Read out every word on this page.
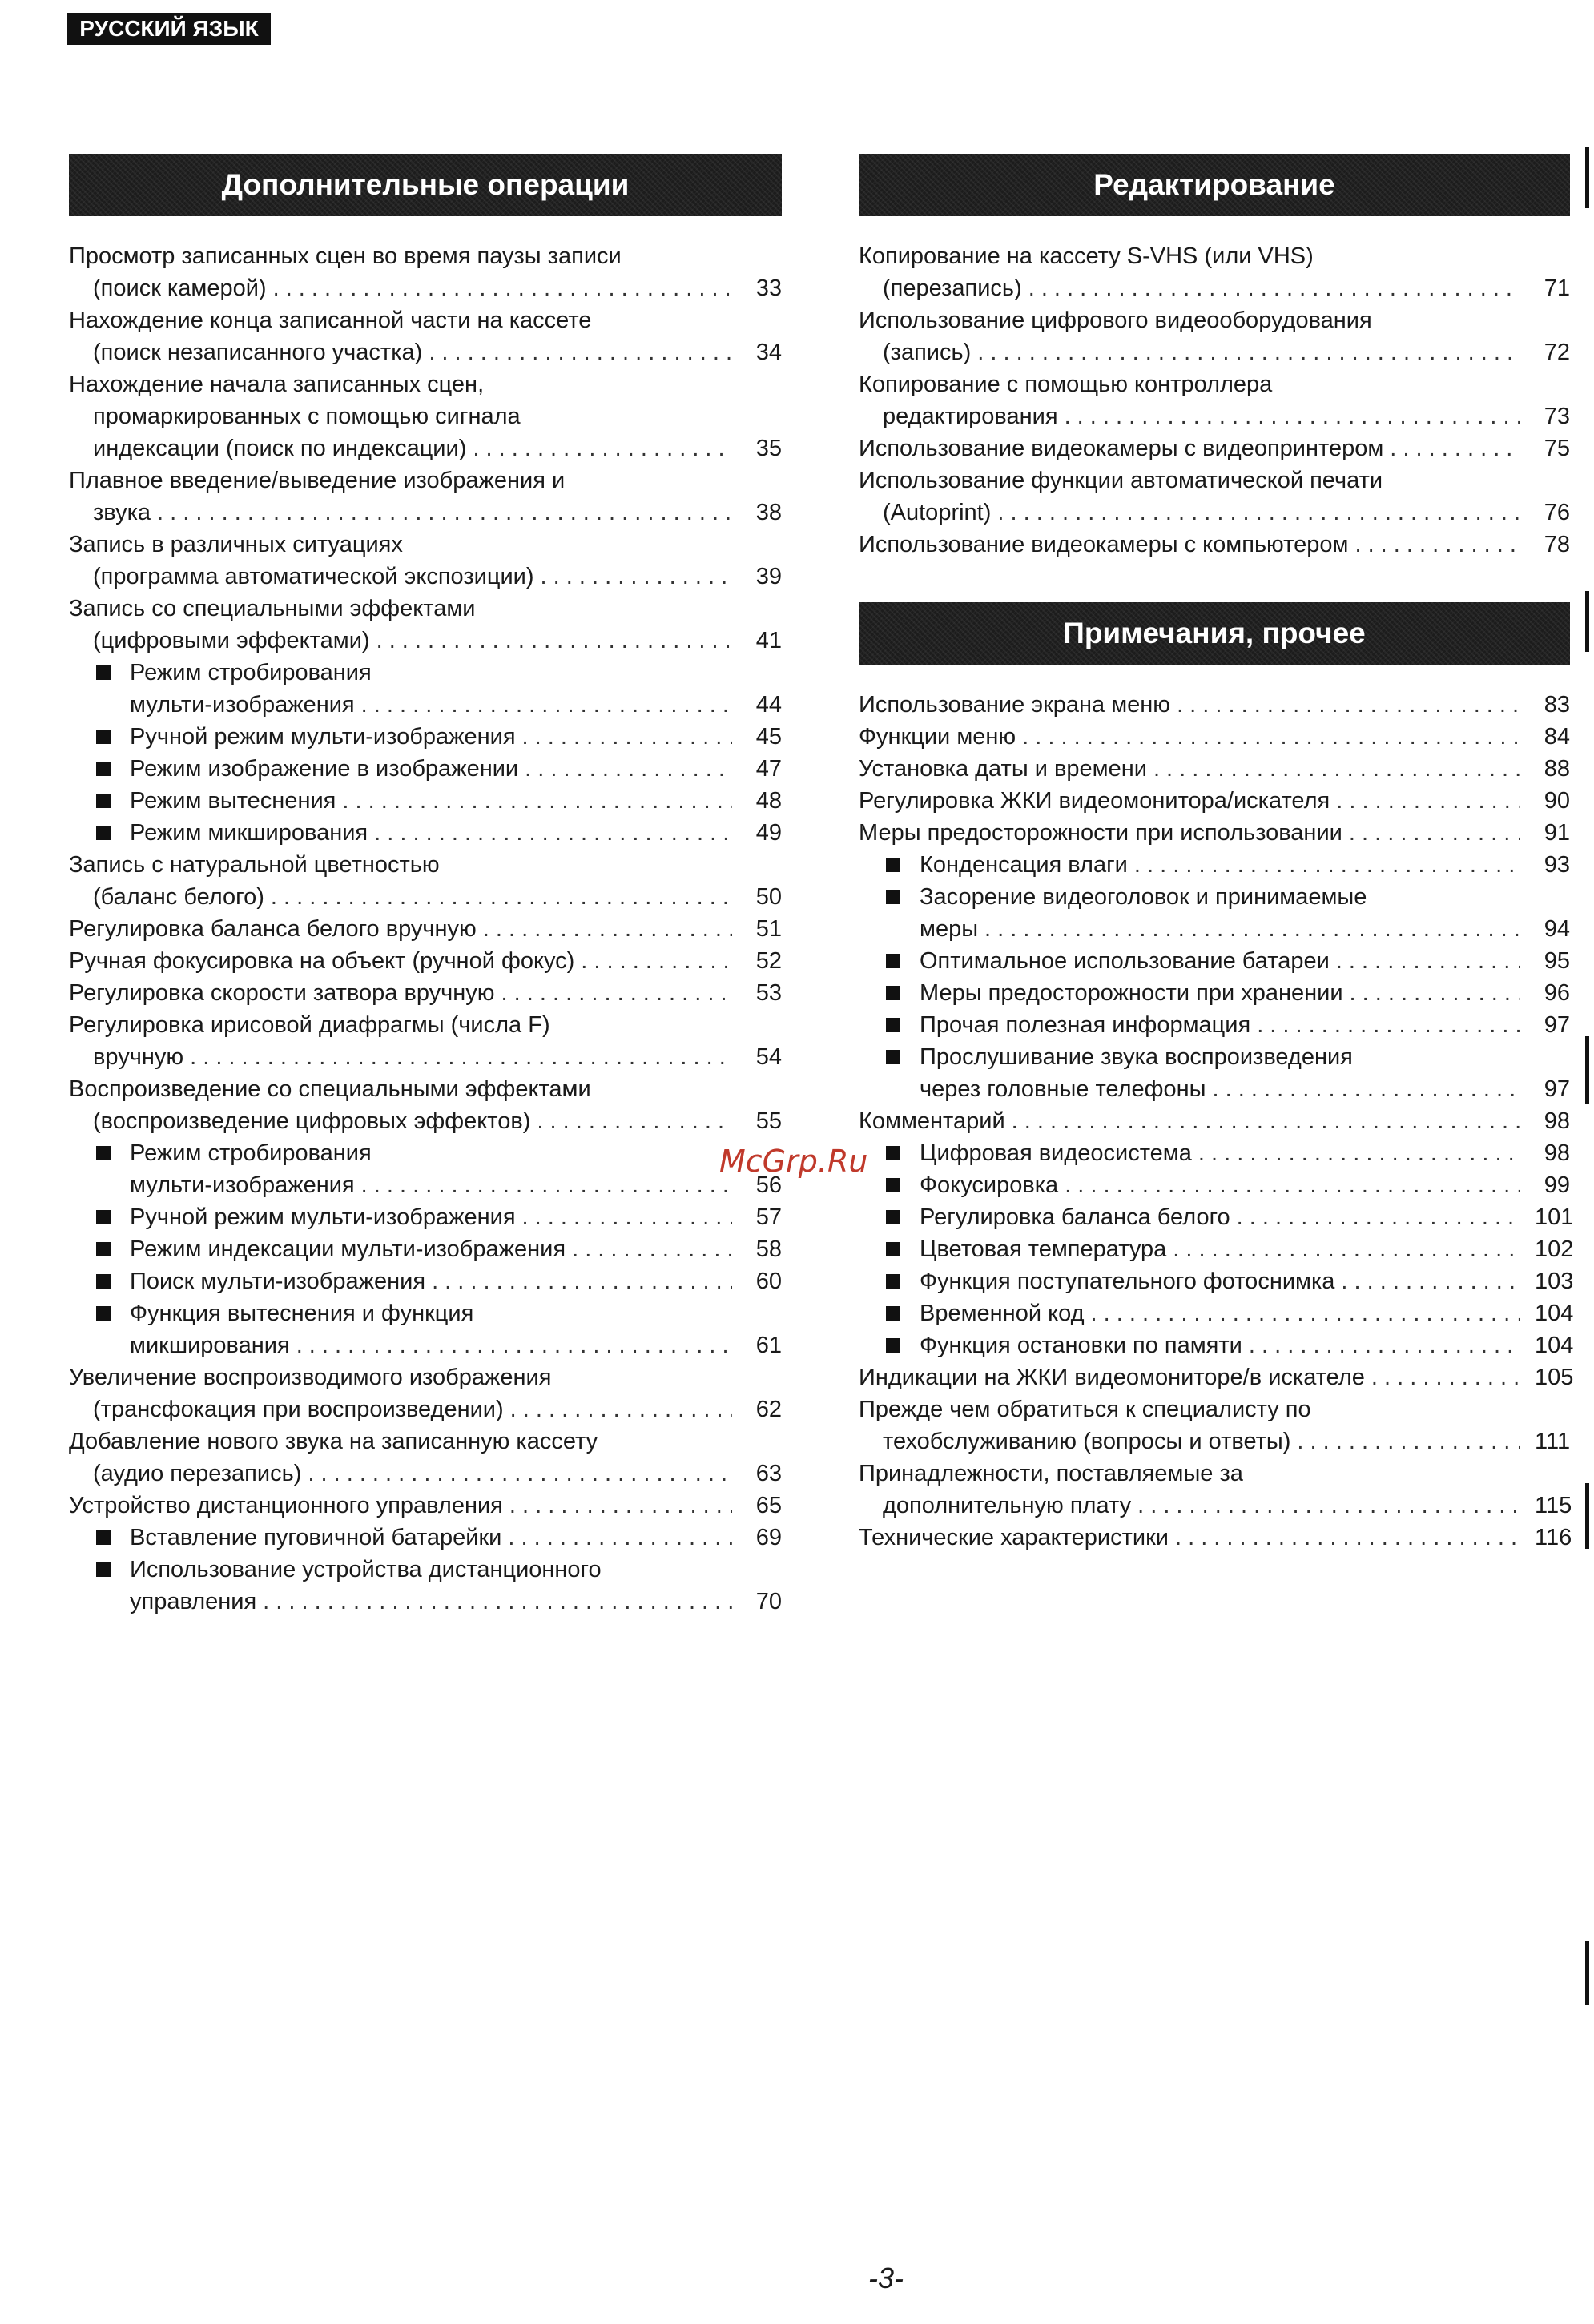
РУССКИЙ ЯЗЫК
Дополнительные операции
Просмотр записанных сцен во время паузы записи
(поиск камерой) . . .	33
Нахождение конца записанной части на кассете
(поиск незаписанного участка) . . .	34
Нахождение начала записанных сцен,
промаркированных с помощью сигнала
индексации (поиск по индексации) . . .	35
Плавное введение/выведение изображения и
звука . . .	38
Запись в различных ситуациях
(программа автоматической экспозиции) . . .	39
Запись со специальными эффектами
(цифровыми эффектами) . . .	41
Режим стробирования
мульти-изображения . . .	44
Ручной режим мульти-изображения . . .	45
Режим изображение в изображении . . .	47
Режим вытеснения . . .	48
Режим микширования . . .	49
Запись с натуральной цветностью
(баланс белого) . . .	50
Регулировка баланса белого вручную . . .	51
Ручная фокусировка на объект (ручной фокус) . . .	52
Регулировка скорости затвора вручную . . .	53
Регулировка ирисовой диафрагмы (числа F)
вручную . . .	54
Воспроизведение со специальными эффектами
(воспроизведение цифровых эффектов) . . .	55
Режим стробирования
мульти-изображения . . .	56
Ручной режим мульти-изображения . . .	57
Режим индексации мульти-изображения . . .	58
Поиск мульти-изображения . . .	60
Функция вытеснения и функция
микширования . . .	61
Увеличение воспроизводимого изображения
(трансфокация при воспроизведении) . . .	62
Добавление нового звука на записанную кассету
(аудио перезапись) . . .	63
Устройство дистанционного управления . . .	65
Вставление пуговичной батарейки . . .	69
Использование устройства дистанционного
управления . . .	70
Редактирование
Копирование на кассету S-VHS (или VHS)
(перезапись) . . .	71
Использование цифрового видеооборудования
(запись) . . .	72
Копирование с помощью контроллера
редактирования . . .	73
Использование видеокамеры с видеопринтером . . .	75
Использование функции автоматической печати
(Autoprint) . . .	76
Использование видеокамеры с компьютером . . .	78
Примечания, прочее
Использование экрана меню . . .	83
Функции меню . . .	84
Установка даты и времени . . .	88
Регулировка ЖКИ видеомонитора/искателя . . .	90
Меры предосторожности при использовании . . .	91
Конденсация влаги . . .	93
Засорение видеоголовок и принимаемые
меры . . .	94
Оптимальное использование батареи . . .	95
Меры предосторожности при хранении . . .	96
Прочая полезная информация . . .	97
Прослушивание звука воспроизведения
через головные телефоны . . .	97
Комментарий . . .	98
Цифровая видеосистема . . .	98
Фокусировка . . .	99
Регулировка баланса белого . . .	101
Цветовая температура . . .	102
Функция поступательного фотоснимка . . .	103
Временной код . . .	104
Функция остановки по памяти . . .	104
Индикации на ЖКИ видеомониторе/в искателе . . .	105
Прежде чем обратиться к специалисту по
техобслуживанию (вопросы и ответы) . . .	111
Принадлежности, поставляемые за
дополнительную плату . . .	115
Технические характеристики . . .	116
McGrp.Ru
-3-
